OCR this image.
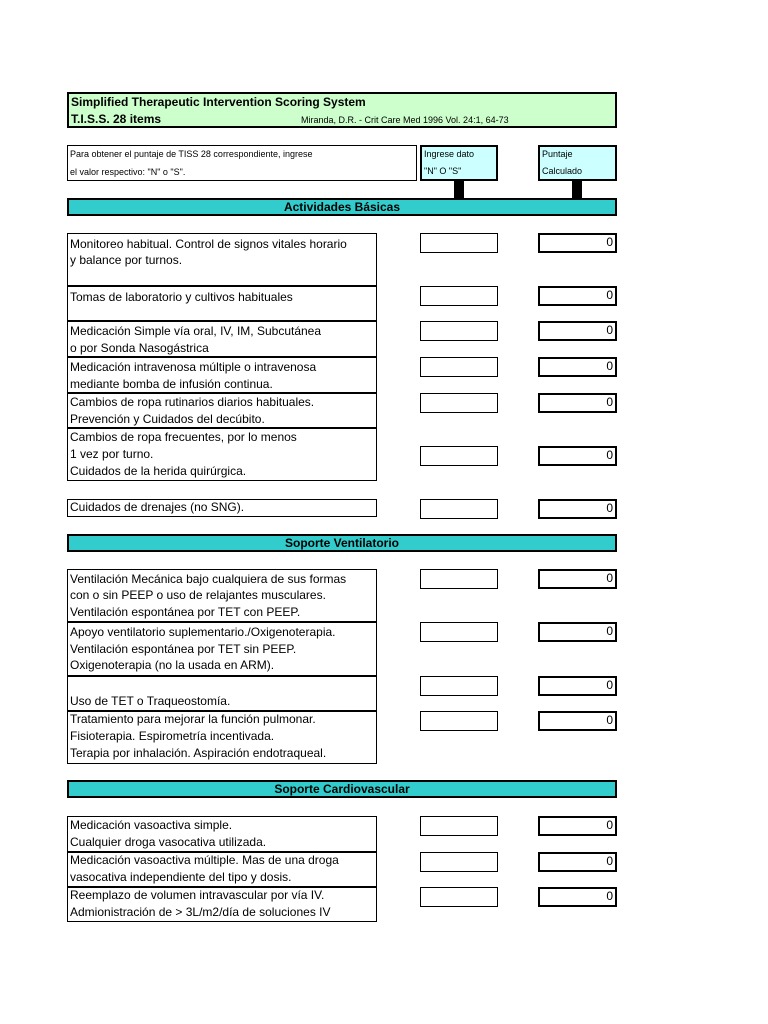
Simplified Therapeutic Intervention Scoring System
T.I.S.S. 28 items	Miranda, D.R. - Crit Care Med 1996 Vol. 24:1, 64-73
Para obtener el puntaje de TISS 28 correspondiente, ingrese
el valor respectivo: "N" o "S".
Ingrese dato
"N" O "S"
Puntaje
Calculado
Actividades Básicas
Soporte Ventilatorio
Soporte Cardiovascular
Monitoreo habitual. Control de signos vitales horario
y balance por turnos.
0
Tomas de laboratorio y cultivos habituales	0
Medicación Simple vía oral, IV, IM, Subcutánea
o por Sonda Nasogástrica
0
Medicación intravenosa múltiple o intravenosa
mediante bomba de infusión continua.
0
Cambios de ropa rutinarios diarios habituales.
Prevención y Cuidados del decúbito.
0
Cambios de ropa frecuentes, por lo menos
1 vez por turno.
Cuidados de la herida quirúrgica.
0
Cuidados de drenajes (no SNG).	0
Ventilación Mecánica bajo cualquiera de sus formas
con o sin PEEP o uso de relajantes musculares.
Ventilación espontánea por TET con PEEP.
0
Apoyo ventilatorio suplementario./Oxigenoterapia.
Ventilación espontánea por TET sin PEEP.
Oxigenoterapia (no la usada en ARM).
0
Uso de TET o Traqueostomía.
0
Tratamiento para mejorar la función pulmonar.
Fisioterapia. Espirometría incentivada.
Terapia por inhalación. Aspiración endotraqueal.
0
Medicación vasoactiva simple.
Cualquier droga vasocativa utilizada.
0
Medicación vasoactiva múltiple. Mas de una droga
vasocativa independiente del tipo y dosis.
0
Reemplazo de volumen intravascular por vía IV.
Admionistración de > 3L/m2/día de soluciones IV
0
